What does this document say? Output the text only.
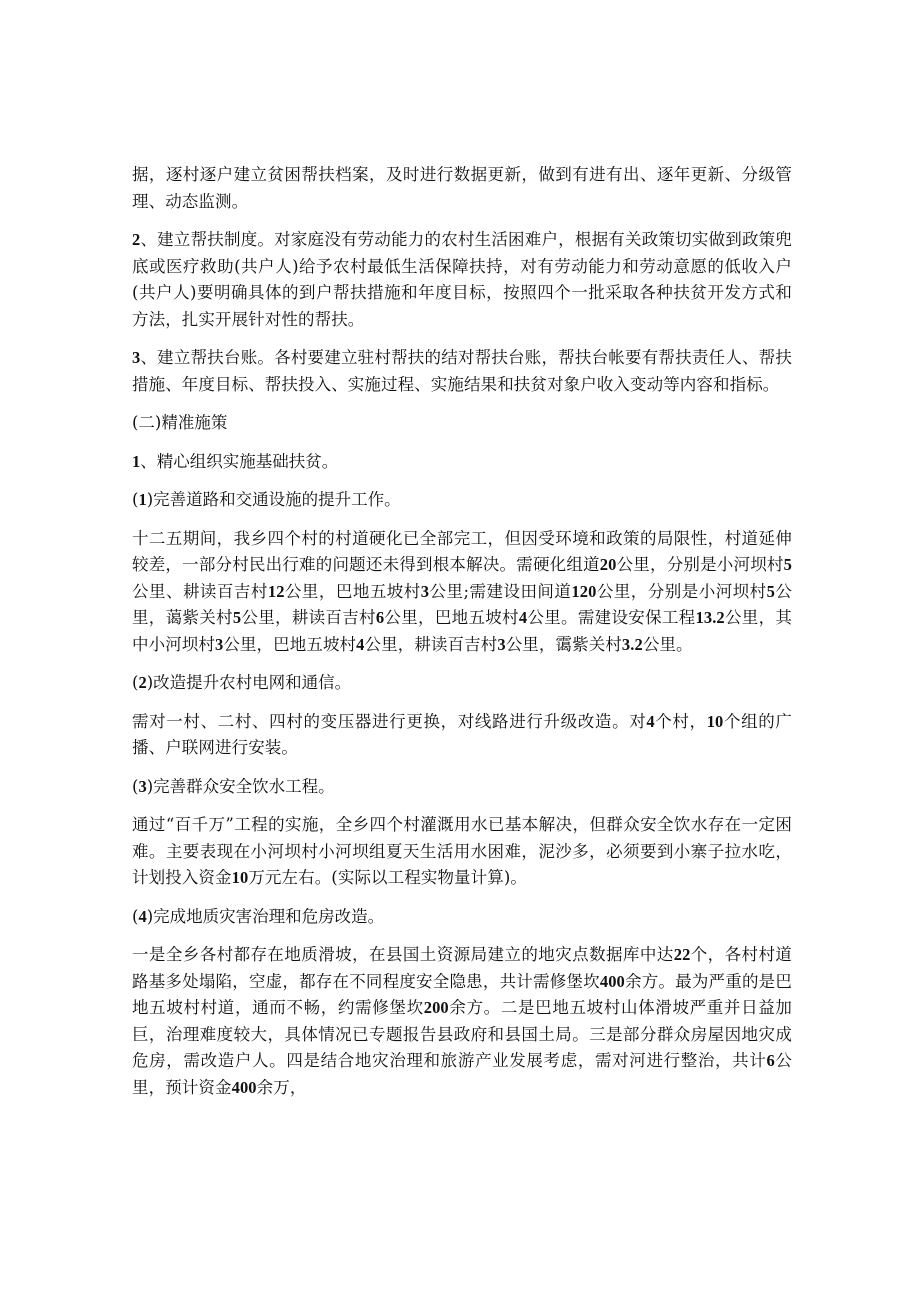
据，逐村逐户建立贫困帮扶档案，及时进行数据更新，做到有进有出、逐年更新、分级管理、动态监测。

2、建立帮扶制度。对家庭没有劳动能力的农村生活困难户，根据有关政策切实做到政策兜底或医疗救助(共户人)给予农村最低生活保障扶持，对有劳动能力和劳动意愿的低收入户(共户人)要明确具体的到户帮扶措施和年度目标，按照四个一批采取各种扶贫开发方式和方法，扎实开展针对性的帮扶。

3、建立帮扶台账。各村要建立驻村帮扶的结对帮扶台账，帮扶台帐要有帮扶责任人、帮扶措施、年度目标、帮扶投入、实施过程、实施结果和扶贫对象户收入变动等内容和指标。

(二)精准施策

1、精心组织实施基础扶贫。

(1)完善道路和交通设施的提升工作。

十二五期间，我乡四个村的村道硬化已全部完工，但因受环境和政策的局限性，村道延伸较差，一部分村民出行难的问题还未得到根本解决。需硬化组道20公里，分别是小河坝村5公里、耕读百吉村12公里，巴地五坡村3公里;需建设田间道120公里，分别是小河坝村5公里，蔼紫关村5公里，耕读百吉村6公里，巴地五坡村4公里。需建设安保工程13.2公里，其中小河坝村3公里，巴地五坡村4公里，耕读百吉村3公里，霭紫关村3.2公里。

(2)改造提升农村电网和通信。

需对一村、二村、四村的变压器进行更换，对线路进行升级改造。对4个村，10个组的广播、户联网进行安装。

(3)完善群众安全饮水工程。

通过“百千万”工程的实施，全乡四个村灌溉用水已基本解决，但群众安全饮水存在一定困难。主要表现在小河坝村小河坝组夏天生活用水困难，泥沙多，必须要到小寨子拉水吃，计划投入资金10万元左右。(实际以工程实物量计算)。

(4)完成地质灾害治理和危房改造。

一是全乡各村都存在地质滑坡，在县国土资源局建立的地灾点数据库中达22个，各村村道路基多处塌陷，空虚，都存在不同程度安全隐患，共计需修堡坎400余方。最为严重的是巴地五坡村村道，通而不畅，约需修堡坎200余方。二是巴地五坡村山体滑坡严重并日益加巨，治理难度较大，具体情况已专题报告县政府和县国土局。三是部分群众房屋因地灾成危房，需改造户人。四是结合地灾治理和旅游产业发展考虑，需对河进行整治，共计6公里，预计资金400余万，
